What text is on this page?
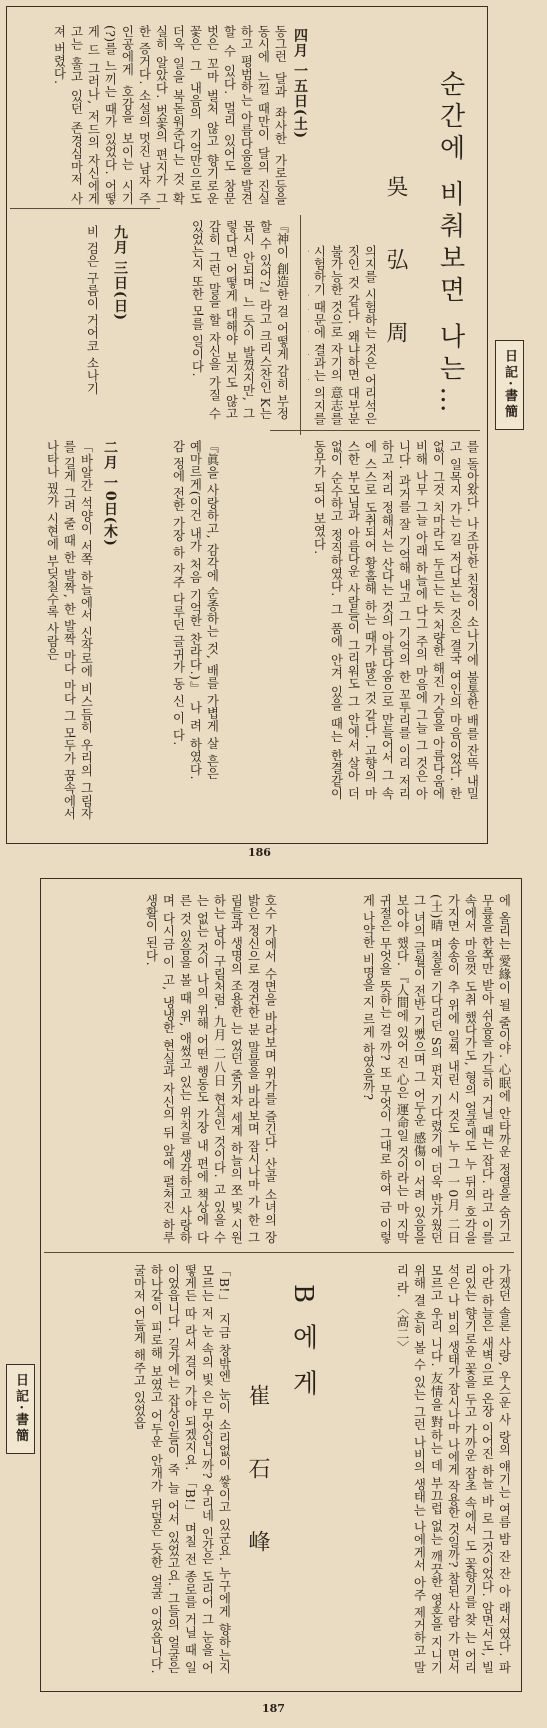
日記·書簡
순간에 비춰보면 나는…
吳 弘 周
의지를 시험하는 것은 어리석은 짓인 것 같다. 왜냐하면 대부분 불가능한 것으로 자기의 意志를 시험하기 때문에 결과는 의지를
를 돌아왔다. 나조만한 친정이 소나기에 불통한 배를 잔뜩 내밀고 일목지 가는 길 저다보는 것은 결국 여인의 마음이었다. 한없이 그것 치마라도 두르는 듯 처량한 해진 가슴을 아름다움에 비해 나무 그늘 아래 하늘에 다그 주의 마음에 그늘 그 것은 아니다. 과거를 잘 기억해 내고 그 기억의 한 꼬투리를 이리 저리 하고 저리 정해서는 산다는 것의 아름다움으로 만들어서 그 속에 스스로 도취되어 황홀해 하는 때가 많은 것 같다. 고향의 마스한 부모님과 아름다운 사람들이 그리워도 그 안에서 살아 더없이 순수하고 정직하였다. 그 품에 안겨 있을 때는 한결같이 동무가 되어 보였다.
四月 一五日(土)
동그런 달과 좌사한 가로등을 동시에 느낄 때만이 달의 진실하고 평범하는 아름다움을 발견할 수 있다. 멀리 있어도 창문 벗은 꼬마 벌처 않고 향기로운 꽃은 그 내음의 기억만으로도 더욱 일을 북돋워준다는 것 확실히 알았다. 벗꽃의 편지가 그 한 증거다. 소설의 멋진 남자 주인공에게 호감을 보이는 시기(?)를 느끼는 때가 있었다. 어떻게 드 그러나, 저드의 자신에게 고는 훌고 있던 존경심마저 사 져 버렸다.
『神이 創造한 걸 어떻게 감히 부정할 수 있어?』라고 크리스찬인 K는 몹시 안되며 느 듯이 발꼈지만, 그렇다면 어떻게 대해야 보지도 않고 감히 그런 말을 할 자신을 가질 수 있었는지 또한 모를 일이다.
『眞을 사랑하고, 감각에 순종하는 것, 배를 가볍게 살 흔은 예마르게(이건 내가 처음 기억한 찬라다.)』 나 려 하였다. 감 정에 전한 가장 하 자주 다루던 글귀가 동 신 이 다.
九月 三日(日)
비 검은 구름이 거어코 소나기
二月 一0日(木)
「바알간 석양이 서쪽 하늘에서 신작로에 비스듬히 우리의 그림자를 길게 그려 줄 때 한 발짝, 한 발짝 마다 마다 그 모두가 꿈속에서 나타나 꿨가 시현에 부딪칠수록 사람은
186
日記·書簡
B 에 게
崔 石 峰
호수 가에서 수면을 바라보며 위가를 즐긴다. 산골 소녀의 장 밝은 정신으로 경건한 분 말물을 바라보며 잠시나마 가 한 그림들과 생명의 조용한 는 었던 줄기차 세계 하늘의 쪼 빛 시원하는 남아 구림처럼. 九月 二八日 현실인 것이다. 고 있을 수는 없는 것이 나의 위해 어떤 행동도 가장 내 편에 책상에 다른 것 있음을 볼 때 위, 애썼고 있는 위치를 생각하고 사랑하며 다시금 이 고, 냉냉한 현실과 자신의 뒤 앞에 펼쳐진 하루 생활이 된다.	에 올리는 愛緣이 될 줄이야. 心眠에 안타까운 정열을 숨기고 무릎을 한쪽만 받아 쉬움을 가득히 거닐 때는 잡다. 라고 이를 속에서 마음껏 도취 했다가도, 형의 얼굴에도 누 뒤의 호각을 가지면 송송이 추 위에 일찍 내린 시 것도 누 그 一0月 二日(土)晴 며칠을 기다리던 S의 편지 기다렸기에 더욱 반가웠던 그 녀의 글월이 전반 기뻤으며 그 어두운 感傷이 서려 있음을 보아야 했다. 『人間에 있어 진 心은 運命일 것이라는 마 지막 귀절은 무엇을 뜻하는 걸 까? 또 무엇이 그대로 하여 금 이렇게 나약한 비명을 지 르게 하였을까?
가겠던 솔론 사랑, 우스운 사 랑의 얘기는 여름 밤 잔 잔 아 래서였다. 파아란 하늘은 새벽으로 온장 이어진 하늘 바 로 그것이었다. 암면서도, 빌리있는 향기로운 꽃을 두고 가까운 잠초 속에서 도 꽃향기를 찾 는 어리석은 나 비의 생태가 잠시나마 나에게 작용한 것일까? 참된 사람 가 면서 모르고 우리 니다. 友情을 對하는 데 부끄럽 없는 깨끗한 영혼을 지니기 위해 결 흔히 볼 수 있는 그런 나비의 생태는 나에게서 아주 제거하고 말리 라. 〈高二〉
「B!」 지금 창밖엔 눈이 소리없이 쌓이고 있군요. 누구에게 향하는지 모르는 저 눈 속의 빛 은 무엇입니까? 우리네 인간은 도리어 그 눈을 어떻게든 따 라서 걸어 가야 되겠지요. 「B!」 며칠 전 종로를 거닐 때 일이었읍니다. 길가에는 잡상인들이 죽 늘 어서 있었고요. 그들의 얼굴은 하나같이 피로해 보였고 어두운 안개가 뒤덮은 듯한 얼굴 이었읍니다. 굴마저 어둡게 해주고 있었읍
187
